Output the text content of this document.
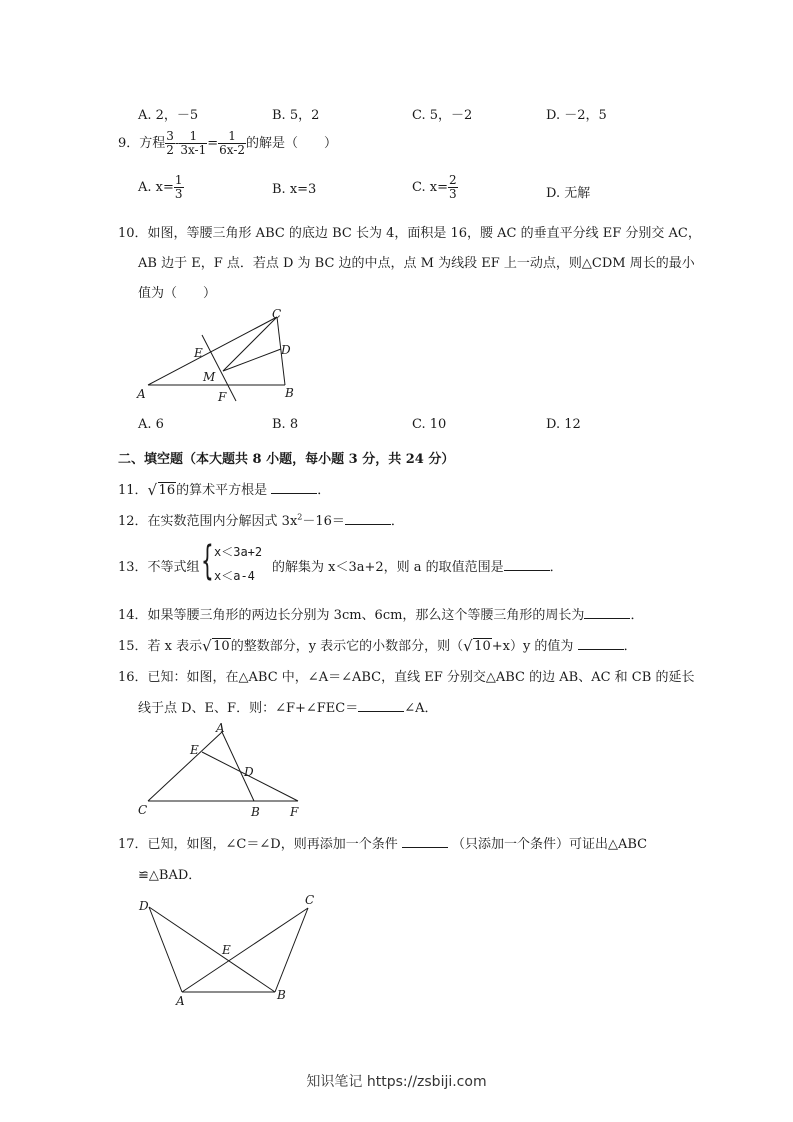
A. 2，－5	B. 5，2	C. 5，－2	D. －2，5
9．方程 $\frac{3}{2} - \frac{1}{3x-1} = \frac{1}{6x-2}$ 的解是（　　）
A. $x= \frac{1}{3}$	B. x=3	C. $x= \frac{2}{3}$	D. 无解
10．如图，等腰三角形 ABC 的底边 BC 长为 4，面积是 16，腰 AC 的垂直平分线 EF 分别交 AC，
AB 边于 E，F 点．若点 D 为 BC 边的中点，点 M 为线段 EF 上一动点，则△CDM 周长的最小
值为（　　）
A	B
C
D
E
F
M
A. 6	B. 8	C. 10	D. 12
二、填空题（本大题共 8 小题，每小题 3 分，共 24 分）
11． √ 16的算术平方根是	．
12．在实数范围内分解因式 $3x^2-16=$	．
13．不等式组 { x＜3a+2
x＜a-4
的解集为 x＜3a+2，则 a 的取值范围是	．
14．如果等腰三角形的两边长分别为 3cm、6cm，那么这个等腰三角形的周长为	．
15．若 x 表示 √ 10的整数部分，y 表示它的小数部分，则（ √ 10+x）y 的值为	．
16．已知：如图，在△ABC 中，∠A＝∠ABC，直线 EF 分别交△ABC 的边 AB、AC 和 CB 的延长
线于点 D、E、F．则：∠F+∠FEC＝	∠A．
A
B
C
D
E
F
17．已知，如图，∠C＝∠D，则再添加一个条件	（只添加一个条件）可证出△ABC
≌△BAD．
A	B
C
D
E
知识笔记 https://zsbiji.com
